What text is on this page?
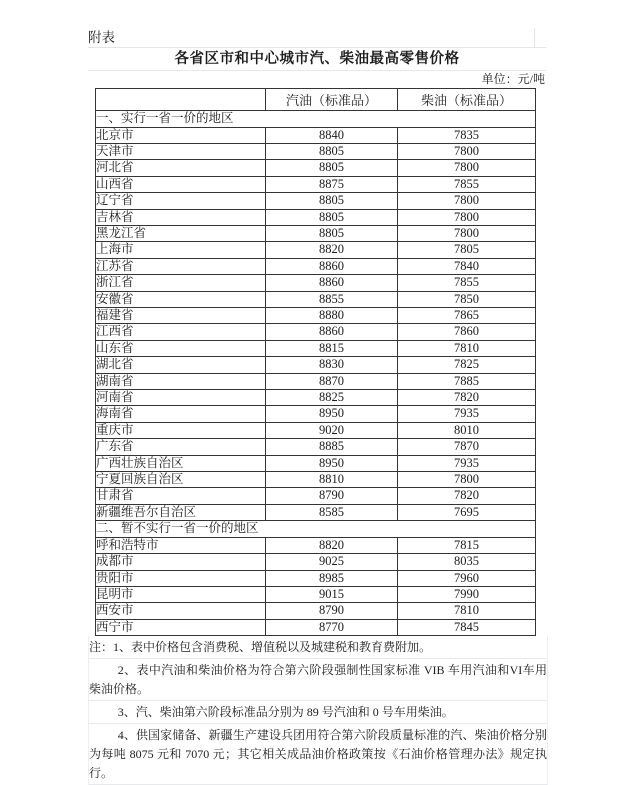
附表
各省区市和中心城市汽、柴油最高零售价格
单位：元/吨
	汽油（标准品）	柴油（标准品）
一、实行一省一价的地区		
北京市	8840	7835
天津市	8805	7800
河北省	8805	7800
山西省	8875	7855
辽宁省	8805	7800
吉林省	8805	7800
黑龙江省	8805	7800
上海市	8820	7805
江苏省	8860	7840
浙江省	8860	7855
安徽省	8855	7850
福建省	8880	7865
江西省	8860	7860
山东省	8815	7810
湖北省	8830	7825
湖南省	8870	7885
河南省	8825	7820
海南省	8950	7935
重庆市	9020	8010
广东省	8885	7870
广西壮族自治区	8950	7935
宁夏回族自治区	8810	7800
甘肃省	8790	7820
新疆维吾尔自治区	8585	7695
二、暂不实行一省一价的地区		
呼和浩特市	8820	7815
成都市	9025	8035
贵阳市	8985	7960
昆明市	9015	7990
西安市	8790	7810
西宁市	8770	7845

注：1、表中价格包含消费税、增值税以及城建税和教育费附加。

2、表中汽油和柴油价格为符合第六阶段强制性国家标准 VIB 车用汽油和VI车用柴油价格。

3、汽、柴油第六阶段标准品分别为 89 号汽油和 0 号车用柴油。

4、供国家储备、新疆生产建设兵团用符合第六阶段质量标准的汽、柴油价格分别为每吨 8075 元和 7070 元；其它相关成品油价格政策按《石油价格管理办法》规定执行。
